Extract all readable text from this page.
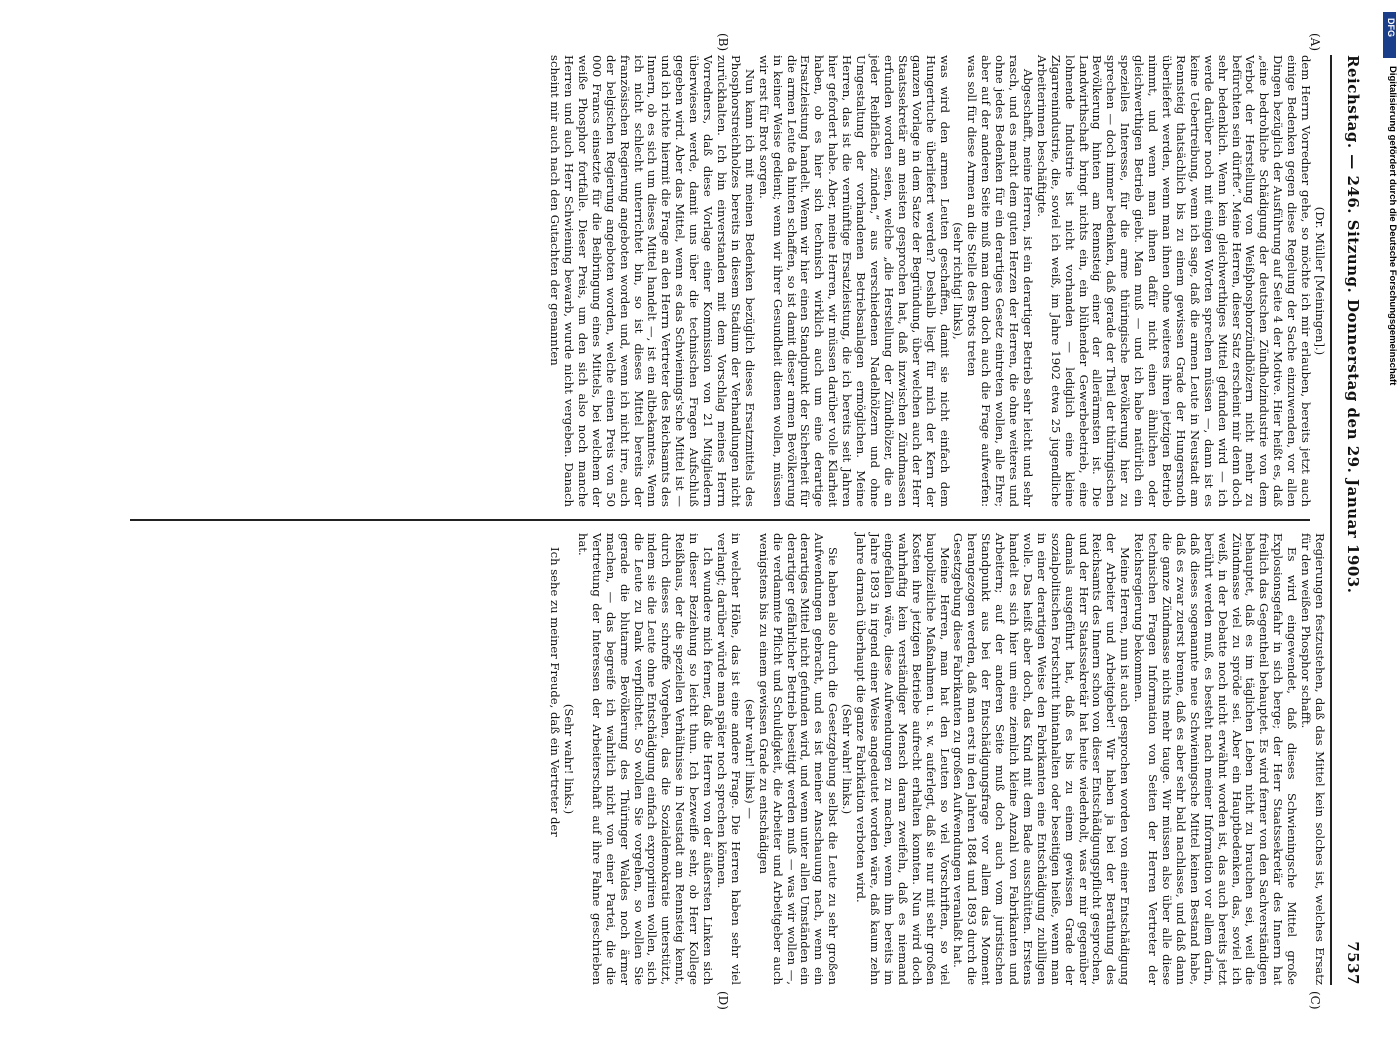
Reichstag. — 246. Sitzung. Donnerstag den 29. Januar 1903.
7537
(A)
(B)
(C)
(D)

(Dr. Müller [Meiningen].)

dem Herrn Vorredner gehe, so möchte ich mir erlauben, bereits jetzt auch einige Bedenken gegen diese Regelung der Sache einzuwenden, vor allen Dingen bezüglich der Ausführung auf Seite 4 der Motive. Hier heißt es, daß „eine bedrohliche Schädigung der deutschen Zündholzindustrie von dem Verbot der Herstellung von Weißphosphorzündhölzern nicht mehr zu befürchten sein dürfte“. Meine Herren, dieser Satz erscheint mir denn doch sehr bedenklich. Wenn kein gleichwerthiges Mittel gefunden wird — ich werde darüber noch mit einigen Worten sprechen müssen —, dann ist es keine Uebertreibung, wenn ich sage, daß die armen Leute in Neustadt am Rennsteig thatsächlich bis zu einem gewissen Grade der Hungersnoth überliefert werden, wenn man ihnen ohne weiteres ihren jetzigen Betrieb nimmt, und wenn man ihnen dafür nicht einen ähnlichen oder gleichwerthigen Betrieb giebt. Man muß — und ich habe natürlich ein spezielles Interesse, für die arme thüringische Bevölkerung hier zu sprechen — doch immer bedenken, daß gerade der Theil der thüringischen Bevölkerung hinten am Rennsteig einer der allerärmsten ist. Die Landwirthschaft bringt nichts ein, ein blühender Gewerbebetrieb, eine lohnende Industrie ist nicht vorhanden — lediglich eine kleine Zigarrenindustrie, die, soviel ich weiß, im Jahre 1902 etwa 25 jugendliche Arbeiterinnen beschäftigte.

Abgeschafft, meine Herren, ist ein derartiger Betrieb sehr leicht und sehr rasch, und es macht dem guten Herzen der Herren, die ohne weiteres und ohne jedes Bedenken für ein derartiges Gesetz eintreten wollen, alle Ehre; aber auf der anderen Seite muß man denn doch auch die Frage aufwerfen: was soll für diese Armen an die Stelle des Brots treten

(sehr richtig! links),

was wird den armen Leuten geschaffen, damit sie nicht einfach dem Hungertuche überliefert werden? Deshalb liegt für mich der Kern der ganzen Vorlage in dem Satze der Begründung, über welchen auch der Herr Staatssekretär am meisten gesprochen hat, daß inzwischen Zündmassen erfunden worden seien, welche „die Herstellung der Zündhölzer, die an jeder Reibfläche zünden,“ aus verschiedenen Nadelhölzern und ohne Umgestaltung der vorhandenen Betriebsanlagen ermöglichen. Meine Herren, das ist die vernünftige Ersatzleistung, die ich bereits seit Jahren hier gefordert habe. Aber, meine Herren, wir müssen darüber volle Klarheit haben, ob es hier sich technisch wirklich auch um eine derartige Ersatzleistung handelt. Wenn wir hier einen Standpunkt der Sicherheit für die armen Leute da hinten schaffen, so ist damit dieser armen Bevölkerung in keiner Weise gedient; wenn wir ihrer Gesundheit dienen wollen, müssen wir erst für Brot sorgen.

Nun kann ich mit meinen Bedenken bezüglich dieses Ersatzmittels des Phosphorstreichholzes bereits in diesem Stadium der Verhandlungen nicht zurückhalten. Ich bin einverstanden mit dem Vorschlag meines Herrn Vorredners, daß diese Vorlage einer Kommission von 21 Mitgliedern überwiesen werde, damit uns über die technischen Fragen Aufschluß gegeben wird. Aber das Mittel, wenn es das Schwienings'sche Mittel ist — und ich richte hiermit die Frage an den Herrn Vertreter des Reichsamts des Innern, ob es sich um dieses Mittel handelt —, ist ein altbekanntes. Wenn ich nicht schlecht unterrichtet bin, so ist dieses Mittel bereits der französischen Regierung angeboten worden und, wenn ich nicht irre, auch der belgischen Regierung angeboten worden, welche einen Preis von 50 000 Francs einsetzte für die Beibringung eines Mittels, bei welchem der weiße Phosphor fortfalle. Dieser Preis, um den sich also noch manche Herren und auch Herr Schwiening bewarb, wurde nicht vergeben. Danach scheint mir auch nach den Gutachten der genannten

Regierungen festzustehen, daß das Mittel kein solches ist, welches Ersatz für den weißen Phosphor schafft.

Es wird eingewendet, daß dieses Schwieningsche Mittel große Explosionsgefahr in sich berge; der Herr Staatssekretär des Innern hat freilich das Gegentheil behauptet. Es wird ferner von den Sachverständigen behauptet, daß es im täglichen Leben nicht zu brauchen sei, weil die Zündmasse viel zu spröde sei. Aber ein Hauptbedenken, das, soviel ich weiß, in der Debatte noch nicht erwähnt worden ist, das auch bereits jetzt berührt werden muß, es besteht nach meiner Information vor allem darin, daß dieses sogenannte neue Schwieningsche Mittel keinen Bestand habe, daß es zwar zuerst brenne, daß es aber sehr bald nachlasse, und daß dann die ganze Zündmasse nichts mehr tauge. Wir müssen also über alle diese technischen Fragen Information von Seiten der Herren Vertreter der Reichsregierung bekommen.

Meine Herren, nun ist auch gesprochen worden von einer Entschädigung der Arbeiter und Arbeitgeber! Wir haben ja bei der Berathung des Reichsamts des Innern schon von dieser Entschädigungspflicht gesprochen, und der Herr Staatssekretär hat heute wiederholt, was er mir gegenüber damals ausgeführt hat, daß es bis zu einem gewissen Grade der sozialpolitischen Fortschritt hintanhalten oder beseitigen heiße, wenn man in einer derartigen Weise den Fabrikanten eine Entschädigung zubilligen wolle. Das heißt aber doch, das Kind mit dem Bade ausschütten. Erstens handelt es sich hier um eine ziemlich kleine Anzahl von Fabrikanten und Arbeitern; auf der anderen Seite muß doch auch vom juristischen Standpunkt aus bei der Entschädigungsfrage vor allem das Moment herangezogen werden, daß man erst in den Jahren 1884 und 1893 durch die Gesetzgebung diese Fabrikanten zu großen Aufwendungen veranlaßt hat.

Meine Herren, man hat den Leuten so viel Vorschriften, so viel baupolizeiliche Maßnahmen u. s. w. auferlegt, daß sie nur mit sehr großen Kosten ihre jetzigen Betriebe aufrecht erhalten konnten. Nun wird doch wahrhaftig kein verständiger Mensch daran zweifeln, daß es niemand eingefallen wäre, diese Aufwendungen zu machen, wenn ihm bereits im Jahre 1893 in irgend einer Weise angedeutet worden wäre, daß kaum zehn Jahre darnach überhaupt die ganze Fabrikation verboten wird.

(Sehr wahr! links.)

Sie haben also durch die Gesetzgebung selbst die Leute zu sehr großen Aufwendungen gebracht, und es ist meiner Anschauung nach, wenn ein derartiges Mittel nicht gefunden wird, und wenn unter allen Umständen ein derartiger gefährlicher Betrieb beseitigt werden muß — was wir wollen —, die verdammte Pflicht und Schuldigkeit, die Arbeiter und Arbeitgeber auch wenigstens bis zu einem gewissen Grade zu entschädigen

(sehr wahr! links) —

in welcher Höhe, das ist eine andere Frage. Die Herren haben sehr viel verlangt; darüber würde man später noch sprechen können.

Ich wundere mich ferner, daß die Herren von der äußersten Linken sich in dieser Beziehung so leicht thun. Ich bezweifle sehr, ob Herr Kollege Reißhaus, der die speziellen Verhältnisse in Neustadt am Rennsteig kennt, durch dieses schroffe Vorgehen, das die Sozialdemokratie unterstützt, indem sie die Leute ohne Entschädigung einfach expropriiren wollen, sich die Leute zu Dank verpflichtet. So wollen Sie vorgehen, so wollen Sie gerade die blutarme Bevölkerung des Thüringer Waldes noch ärmer machen, — das begreife ich wahrlich nicht von einer Partei, die die Vertretung der Interessen der Arbeiterschaft auf ihre Fahne geschrieben hat.

(Sehr wahr! links.)

Ich sehe zu meiner Freude, daß ein Vertreter der

DFG
Digitalisierung gefördert durch die Deutsche Forschungsgemeinschaft
